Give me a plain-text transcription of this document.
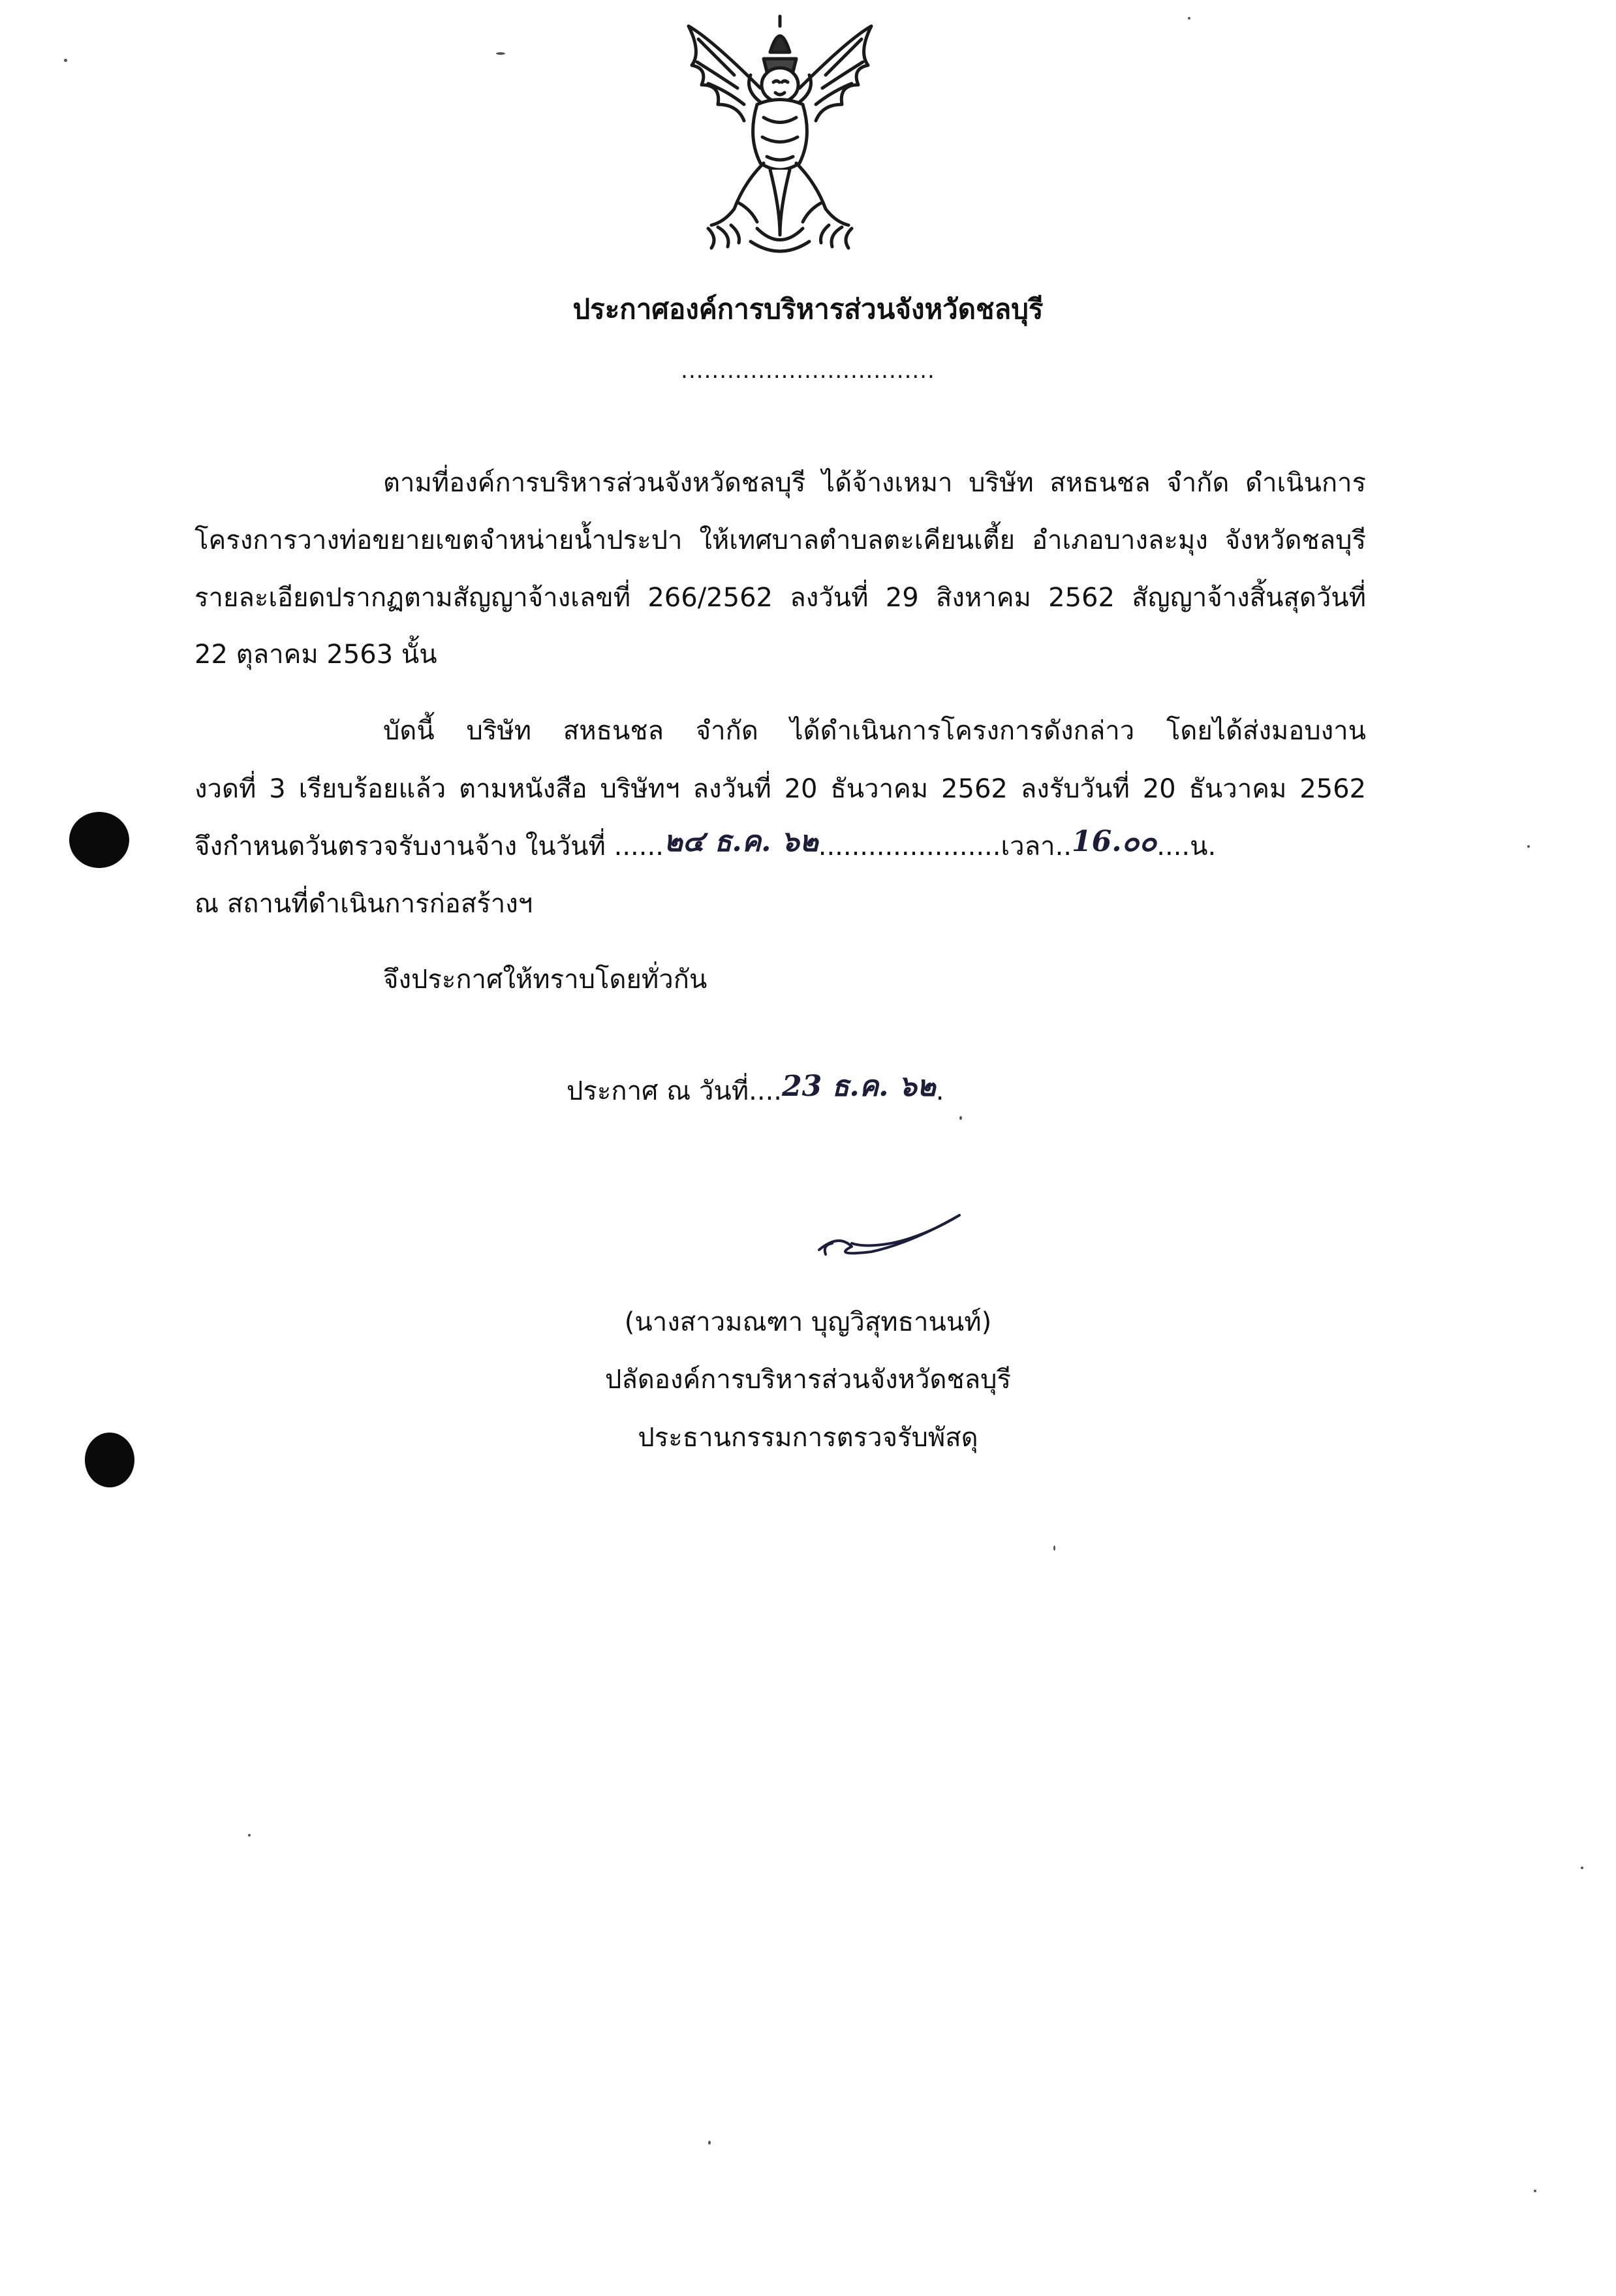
ประกาศองค์การบริหารส่วนจังหวัดชลบุรี
.................................
ตามที่องค์การบริหารส่วนจังหวัดชลบุรี ได้จ้างเหมา บริษัท สหธนชล จำกัด ดำเนินการ
โครงการวางท่อขยายเขตจำหน่ายน้ำประปา ให้เทศบาลตำบลตะเคียนเตี้ย อำเภอบางละมุง จังหวัดชลบุรี
รายละเอียดปรากฏตามสัญญาจ้างเลขที่ 266/2562 ลงวันที่ 29 สิงหาคม 2562 สัญญาจ้างสิ้นสุดวันที่
22 ตุลาคม 2563 นั้น
บัดนี้ บริษัท สหธนชล จำกัด ได้ดำเนินการโครงการดังกล่าว โดยได้ส่งมอบงาน
งวดที่ 3 เรียบร้อยแล้ว ตามหนังสือ บริษัทฯ ลงวันที่ 20 ธันวาคม 2562 ลงรับวันที่ 20 ธันวาคม 2562
จึงกำหนดวันตรวจรับงานจ้าง ในวันที่ ......๒๔ ธ.ค. ๖๒......................เวลา..16.๐๐....น.
ณ สถานที่ดำเนินการก่อสร้างฯ
จึงประกาศให้ทราบโดยทั่วกัน
ประกาศ ณ วันที่....23 ธ.ค. ๖๒.
(นางสาวมณฑา บุญวิสุทธานนท์)
ปลัดองค์การบริหารส่วนจังหวัดชลบุรี
ประธานกรรมการตรวจรับพัสดุ
